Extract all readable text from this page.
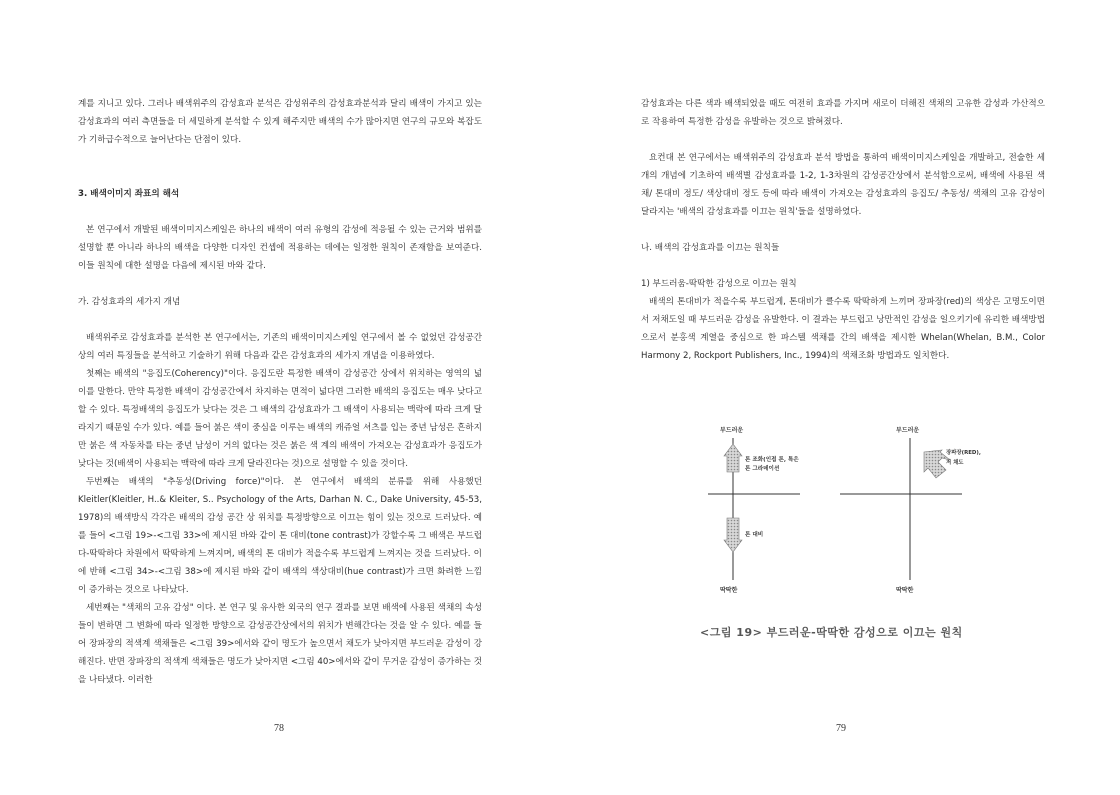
계를 지니고 있다. 그러나 배색위주의 감성효과 분석은 감성위주의 감성효과분석과 달리 배색이 가지고 있는 감성효과의 여러 측면들을 더 세밀하게 분석할 수 있게 해주지만 배색의 수가 많아지면 연구의 규모와 복잡도가 기하급수적으로 늘어난다는 단점이 있다.

3. 배색이미지 좌표의 해석

본 연구에서 개발된 배색이미지스케일은 하나의 배색이 여러 유형의 감성에 적응될 수 있는 근거와 범위를 설명할 뿐 아니라 하나의 배색을 다양한 디자인 컨셉에 적용하는 데에는 일정한 원칙이 존재함을 보여준다. 이들 원칙에 대한 설명을 다음에 제시된 바와 같다.

가. 감성효과의 세가지 개념

배색위주로 감성효과를 분석한 본 연구에서는, 기존의 배색이미지스케일 연구에서 볼 수 없었던 감성공간상의 여러 특징들을 분석하고 기술하기 위해 다음과 같은 감성효과의 세가지 개념을 이용하였다.

첫째는 배색의 "응집도(Coherency)"이다. 응집도란 특정한 배색이 감성공간 상에서 위치하는 영역의 넓이를 말한다. 만약 특정한 배색이 감성공간에서 차지하는 면적이 넓다면 그러한 배색의 응집도는 매우 낮다고 할 수 있다. 특정배색의 응집도가 낮다는 것은 그 배색의 감성효과가 그 배색이 사용되는 맥락에 따라 크게 달라지기 때문일 수가 있다. 예를 들어 붉은 색이 중심을 이루는 배색의 캐쥬얼 셔츠를 입는 중년 남성은 흔하지만 붉은 색 자동차를 타는 중년 남성이 거의 없다는 것은 붉은 색 계의 배색이 가져오는 감성효과가 응집도가 낮다는 것(배색이 사용되는 맥락에 따라 크게 달라진다는 것)으로 설명할 수 있을 것이다.

두번째는 배색의 "추동성(Driving force)"이다. 본 연구에서 배색의 분류를 위해 사용했던 Kleitler(Kleitler, H..& Kleiter, S.. Psychology of the Arts, Darhan N. C., Dake University, 45-53, 1978)의 배색방식 각각은 배색의 감성 공간 상 위치를 특정방향으로 이끄는 힘이 있는 것으로 드러났다. 예를 들어 <그림 19>-<그림 33>에 제시된 바와 같이 톤 대비(tone contrast)가 강할수록 그 배색은 부드럽다-딱딱하다 차원에서 딱딱하게 느껴지며, 배색의 톤 대비가 적을수록 부드럽게 느껴지는 것을 드러났다. 이에 반해 <그림 34>-<그림 38>에 제시된 바와 같이 배색의 색상대비(hue contrast)가 크면 화려한 느낌이 증가하는 것으로 나타났다.

세번째는 "색채의 고유 감성" 이다. 본 연구 및 유사한 외국의 연구 결과를 보면 배색에 사용된 색채의 속성들이 변하면 그 변화에 따라 일정한 방향으로 감성공간상에서의 위치가 변해간다는 것을 알 수 있다. 예를 들어 장파장의 적색계 색채들은 <그림 39>에서와 같이 명도가 높으면서 채도가 낮아지면 부드러운 감성이 강해진다. 반면 장파장의 적색계 색채들은 명도가 낮아지면 <그림 40>에서와 같이 무거운 감성이 증가하는 것을 나타냈다. 이러한

78

감성효과는 다른 색과 배색되었을 때도 여전히 효과를 가지며 새로이 더해진 색채의 고유한 감성과 가산적으로 작용하여 특정한 감성을 유발하는 것으로 밝혀졌다.

요컨대 본 연구에서는 배색위주의 감성효과 분석 방법을 통하여 배색이미지스케일을 개발하고, 전술한 세 개의 개념에 기초하여 배색별 감성효과를 1-2, 1-3차원의 감성공간상에서 분석함으로써, 배색에 사용된 색채/ 톤대비 정도/ 색상대비 정도 등에 따라 배색이 가져오는 감성효과의 응집도/ 추동성/ 색채의 고유 감성이 달라지는 '배색의 감성효과를 이끄는 원칙'들을 설명하였다.

나. 배색의 감성효과를 이끄는 원칙들

1) 부드러움-딱딱한 감성으로 이끄는 원칙

배색의 톤대비가 적을수록 부드럽게, 톤대비가 클수록 딱딱하게 느끼며 장파장(red)의 색상은 고명도이면서 저채도일 때 부드러운 감성을 유발한다. 이 결과는 부드럽고 낭만적인 감성을 일으키기에 유리한 배색방법으로서 분홍색 계열을 중심으로 한 파스텔 색채를 간의 배색을 제시한 Whelan(Whelan, B.M., Color Harmony 2, Rockport Publishers, Inc., 1994)의 색채조화 방법과도 일치한다.

부드러운
딱딱한
톤 조화(인접 톤, 톡은
톤 그라데이션
톤 대비
부드러운
딱딱한
장파장(RED),
저 채도
<그림 19> 부드러운-딱딱한 감성으로 이끄는 원칙
79
